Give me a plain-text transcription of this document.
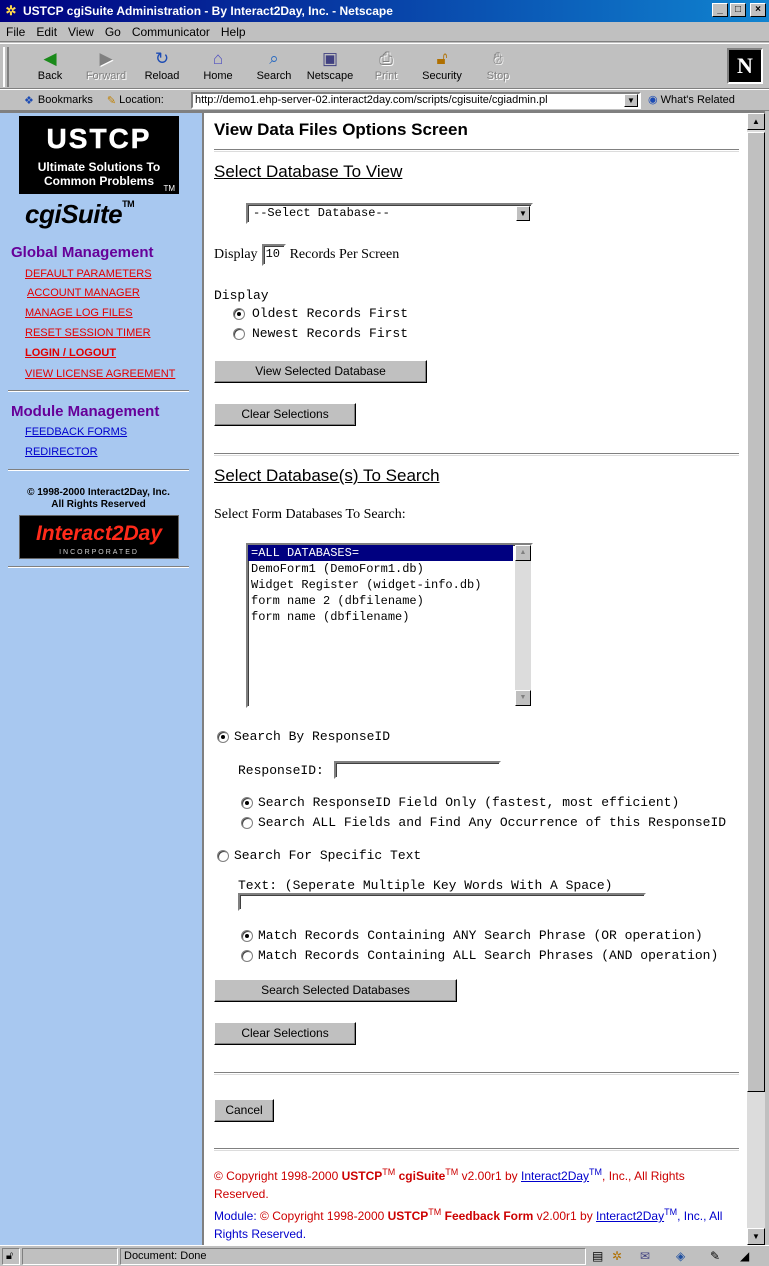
✲ USTCP cgiSuite Administration - By Interact2Day, Inc. - Netscape	_	□	×
File Edit View Go Communicator Help
◀
Back
▶
Forward
↻
Reload
⌂
Home
⌕
Search
▣
Netscape
⎙
Print
🔓︎
Security
✋︎
Stop	N
❖ Bookmarks ✎ Location:	http://demo1.ehp-server-02.interact2day.com/scripts/cgisuite/cgiadmin.pl	▼ ◉ What's Related
USTCP
Ultimate Solutions To Common Problems
TM
cgiSuite™
Global Management
DEFAULT PARAMETERS
ACCOUNT MANAGER
MANAGE LOG FILES
RESET SESSION TIMER
LOGIN / LOGOUT
VIEW LICENSE AGREEMENT
Module Management
FEEDBACK FORMS
REDIRECTOR
© 1998-2000 Interact2Day, Inc.
All Rights Reserved
Interact2Day
INCORPORATED
View Data Files Options Screen
Select Database To View
--Select Database--	▼
Display 10 Records Per Screen
Display
Oldest Records First
Newest Records First
View Selected Database
Clear Selections
Select Database(s) To Search
Select Form Databases To Search:
=ALL DATABASES=
DemoForm1 (DemoForm1.db)
Widget Register (widget-info.db)
form name 2 (dbfilename)
form name (dbfilename)
▲
▼
Search By ResponseID
ResponseID:
Search ResponseID Field Only (fastest, most efficient)
Search ALL Fields and Find Any Occurrence of this ResponseID
Search For Specific Text
Text: (Seperate Multiple Key Words With A Space)
Match Records Containing ANY Search Phrase (OR operation)
Match Records Containing ALL Search Phrases (AND operation)
Search Selected Databases
Clear Selections
Cancel
© Copyright 1998-2000 USTCP™ cgiSuite™ v2.00r1 by Interact2Day™, Inc., All Rights Reserved.
Module: © Copyright 1998-2000 USTCP™ Feedback Form v2.00r1 by Interact2Day™, Inc., All Rights Reserved.
▲
▼
🔓︎	Document: Done	▤ ✲ ✉ ◈ ✎ ◢
